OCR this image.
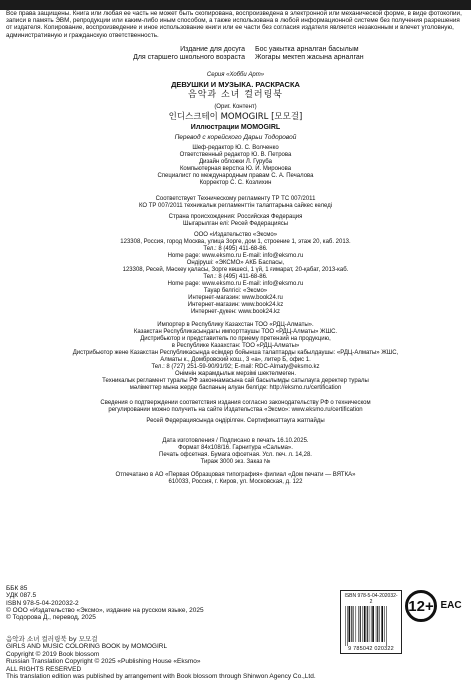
Все права защищены. Книга или любая ее часть не может быть скопирована, воспроизведена в электронной или механической форме, в виде фотокопии, записи в память ЭВМ, репродукции или каким-либо иным способом, а также использована в любой информационной системе без получения разрешения от издателя. Копирование, воспроизведение и иное использование книги или ее части без согласия издателя является незаконным и влечет уголовную, административную и гражданскую ответственность.
Издание для досуга
Для старшего школьного возраста
Бос уакытка арналган басылым
Жогары мектеп жасына арналган
Серия «Хобби Арт»
ДЕВУШКИ И МУЗЫКА. РАСКРАСКА
음악과 소녀 컬러링북
(Ориг. Контент)
인디스크테이 MOMOGIRL [모모걸]
Иллюстрации MOMOGIRL
Перевод с корейского Дарьи Тодоровой
Шеф-редактор Ю. С. Волченко
Ответственный редактор Ю. В. Петрова
Дизайн обложки Л. Гуруба
Компьютерная верстка Ю. И. Миронова
Специалист по международным правам С. А. Печалова
Корректор С. С. Козлихин
Соответствует Техническому регламенту ТР ТС 007/2011
КО ТР 007/2011 техникалык регламенттiн талаптарына сайкес келедi
Страна происхождения: Российская Федерация
Шыгарылган елi: Ресей Федерациясы
ООО «Издательство «Эксмо»
123308, Россия, город Москва, улица Зорге, дом 1, строение 1, этаж 20, каб. 2013.
Тел.: 8 (495) 411-68-86.
Home page: www.eksmo.ru E-mail: info@eksmo.ru
Ондiрушi: «ЭКСМО» АКБ Баспасы,
123308, Ресей, Мәскеу қаласы, Зорге көшесі, 1 үй, 1 ғимарат, 20-қабат, 2013-каб.
Тел.: 8 (495) 411-68-86.
Home page: www.eksmo.ru E-mail: info@eksmo.ru
Тауар белгiсi: «Эксмо»
Интернет-магазин: www.book24.ru
Интернет-магазин: www.book24.kz
Интернет-дүкен: www.book24.kz
Импортер в Республику Казахстан ТОО «РДЦ-Алматы».
Казакстан Республикасындагы импорттаушы ТОО «РДЦ-Алматы» ЖШС.
Дистрибьютор и представитель по приему претензий на продукцию,
в Республике Казахстан: ТОО «РДЦ-Алматы»
Дистрибьютор жене Казакстан Республикасында есiмдер бойынша талаптарды кабылдаушы: «РДЦ-Алматы» ЖШС,
Алматы к., Домбровский кош., 3 «а», литер Б, офис 1.
Тел.: 8 (727) 251-59-90/91/92; E-mail: RDC-Almaty@eksmo.kz
Онiмнiн жарамдылык мерзiмi шектелмеген.
Техникалык регламент туралы РФ законнамасына сай басылымды сатылауга деректер туралы
мәлiметтер мына жерде баспаның алуан белгiде: http://eksmo.ru/certification
Сведения о подтверждении соответствия издания согласно законодательству РФ о техническом
регулировании можно получить на сайте Издательства «Эксмо»: www.eksmo.ru/certification
Ресей Федерациясында оӊдiрiлген. Сертификаттауга жатпайды
Дата изготовления / Подписано в печать 16.10.2025.
Формат 84х108/16. Гарнитура «Сальма».
Печать офсетная. Бумага офсетная. Усл. печ. л. 14,28.
Тираж 3000 экз. Заказ №
Отпечатано в АО «Первая Образцовая типография» филиал «Дом печати — ВЯТКА»
610033, Россия, г. Киров, ул. Московская, д. 122
ББК 85
УДК 087.5
ISBN 978-5-04-202032-2
© ООО «Издательство «Эксмо», издание на русском языке, 2025
© Тодорова Д., перевод, 2025
음악과 소녀 컬러링북 by 모모걸
GIRLS AND MUSIC COLORING BOOK by MOMOGIRL
Copyright © 2019 Book blossom
Russian Translation Copyright © 2025 «Publishing House «Eksmo»
ALL RIGHTS RESERVED
This translation edition was published by arrangement with Book blossom through Shinwon Agency Co.,Ltd.
ISBN 978-5-04-202032-2
9 785042 020322
12+ EAC
